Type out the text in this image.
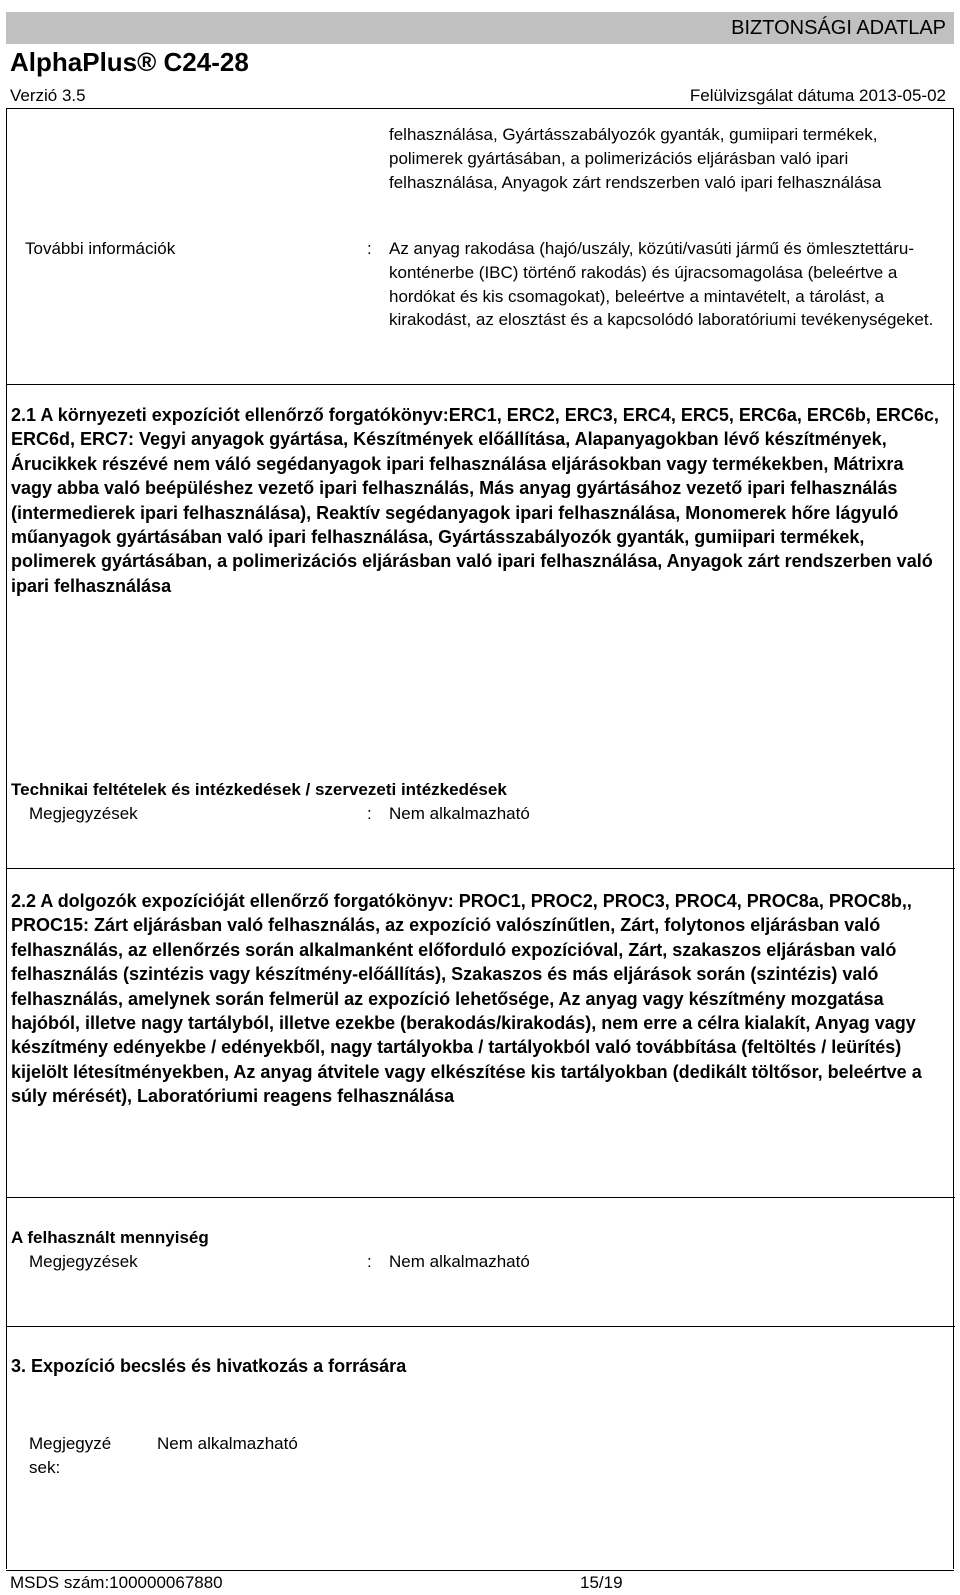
BIZTONSÁGI ADATLAP
AlphaPlus® C24-28
Verzió 3.5	Felülvizsgálat dátuma 2013-05-02
felhasználása, Gyártásszabályozók gyanták, gumiipari termékek, polimerek gyártásában, a polimerizációs eljárásban való ipari felhasználása, Anyagok zárt rendszerben való ipari felhasználása
További információk	: Az anyag rakodása (hajó/uszály, közúti/vasúti jármű és ömlesztettáru-konténerbe (IBC) történő rakodás) és újracsomagolása (beleértve a hordókat és kis csomagokat), beleértve a mintavételt, a tárolást, a kirakodást, az elosztást és a kapcsolódó laboratóriumi tevékenységeket.
2.1 A környezeti expozíciót ellenőrző forgatókönyv:ERC1, ERC2, ERC3, ERC4, ERC5, ERC6a, ERC6b, ERC6c, ERC6d, ERC7: Vegyi anyagok gyártása, Készítmények előállítása, Alapanyagokban lévő készítmények, Árucikkek részévé nem váló segédanyagok ipari felhasználása eljárásokban vagy termékekben, Mátrixra vagy abba való beépüléshez vezető ipari felhasználás, Más anyag gyártásához vezető ipari felhasználás (intermedierek ipari felhasználása), Reaktív segédanyagok ipari felhasználása, Monomerek hőre lágyuló műanyagok gyártásában való ipari felhasználása, Gyártásszabályozók gyanták, gumiipari termékek, polimerek gyártásában, a polimerizációs eljárásban való ipari felhasználása, Anyagok zárt rendszerben való ipari felhasználása
Technikai feltételek és intézkedések / szervezeti intézkedések
Megjegyzések	: Nem alkalmazható
2.2 A dolgozók expozícióját ellenőrző forgatókönyv: PROC1, PROC2, PROC3, PROC4, PROC8a, PROC8b,, PROC15: Zárt eljárásban való felhasználás, az expozíció valószínűtlen, Zárt, folytonos eljárásban való felhasználás, az ellenőrzés során alkalmanként előforduló expozícióval, Zárt, szakaszos eljárásban való felhasználás (szintézis vagy készítmény-előállítás), Szakaszos és más eljárások során (szintézis) való felhasználás, amelynek során felmerül az expozíció lehetősége, Az anyag vagy készítmény mozgatása hajóból, illetve nagy tartályból, illetve ezekbe (berakodás/kirakodás), nem erre a célra kialakít, Anyag vagy készítmény edényekbe / edényekből, nagy tartályokba / tartályokból való továbbítása (feltöltés / leürítés) kijelölt létesítményekben, Az anyag átvitele vagy elkészítése kis tartályokban (dedikált töltősor, beleértve a súly mérését), Laboratóriumi reagens felhasználása
A felhasznált mennyiség
Megjegyzések	: Nem alkalmazható
3. Expozíció becslés és hivatkozás a forrására
Megjegyzé sek:
Nem alkalmazható
MSDS szám:100000067880	15/19
